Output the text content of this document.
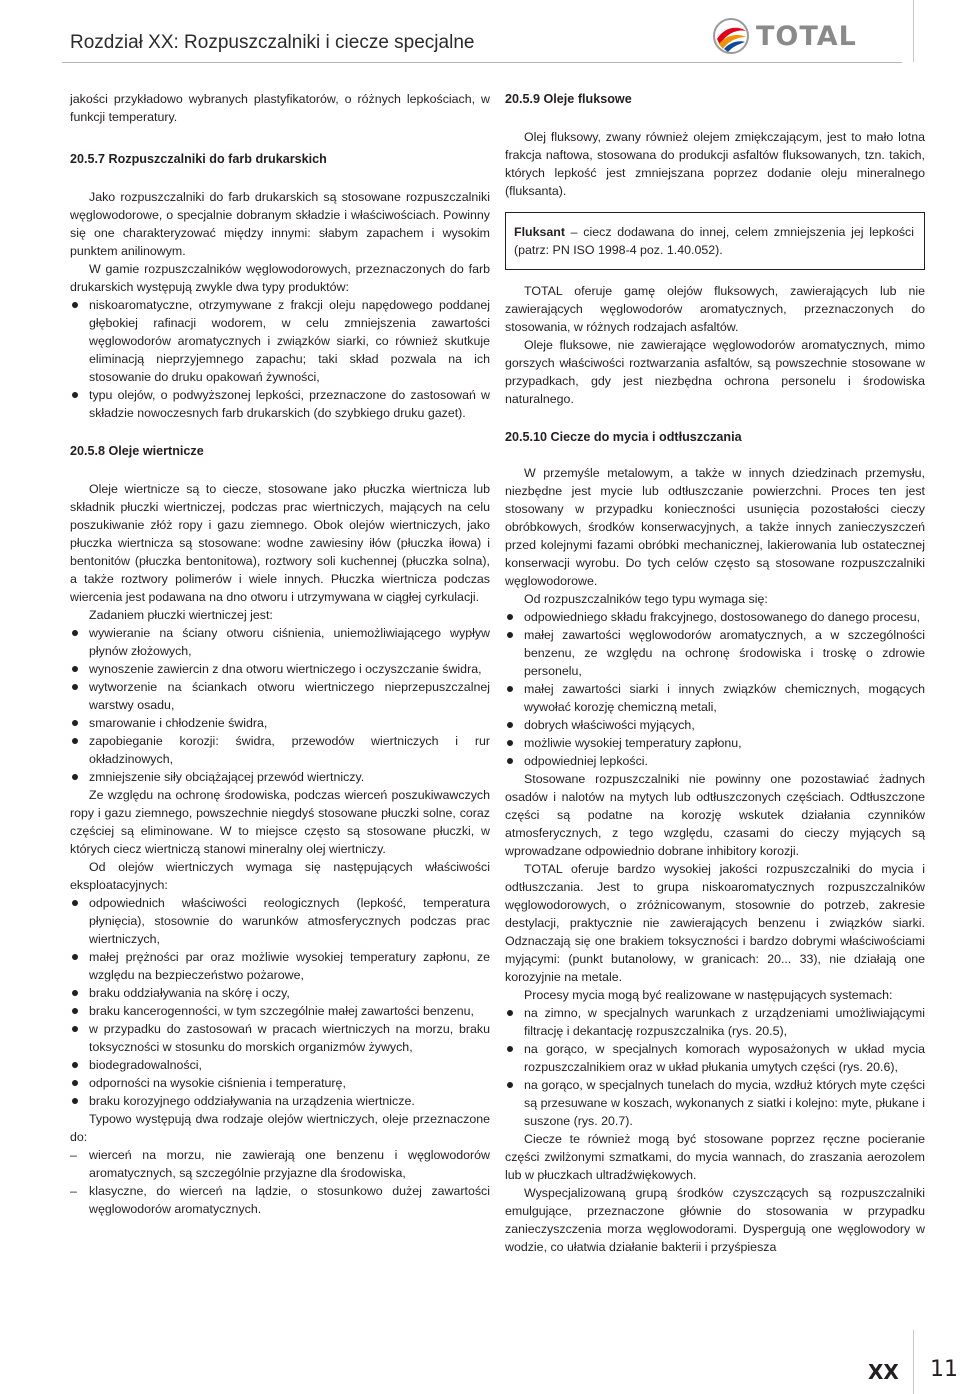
Rozdział XX: Rozpuszczalniki i ciecze specjalne	TOTAL

jakości przykładowo wybranych plastyfikatorów, o różnych lepkościach, w funkcji temperatury.

20.5.7 Rozpuszczalniki do farb drukarskich

Jako rozpuszczalniki do farb drukarskich są stosowane rozpuszczalniki węglowodorowe, o specjalnie dobranym składzie i właściwościach. Powinny się one charakteryzować między innymi: słabym zapachem i wysokim punktem anilinowym.

W gamie rozpuszczalników węglowodorowych, przeznaczonych do farb drukarskich występują zwykle dwa typy produktów:

niskoaromatyczne, otrzymywane z frakcji oleju napędowego poddanej głębokiej rafinacji wodorem, w celu zmniejszenia zawartości węglowodorów aromatycznych i związków siarki, co również skutkuje eliminacją nieprzyjemnego zapachu; taki skład pozwala na ich stosowanie do druku opakowań żywności,
typu olejów, o podwyższonej lepkości, przeznaczone do zastosowań w składzie nowoczesnych farb drukarskich (do szybkiego druku gazet).
20.5.8 Oleje wiertnicze

Oleje wiertnicze są to ciecze, stosowane jako płuczka wiertnicza lub składnik płuczki wiertniczej, podczas prac wiertniczych, mających na celu poszukiwanie złóż ropy i gazu ziemnego. Obok olejów wiertniczych, jako płuczka wiertnicza są stosowane: wodne zawiesiny iłów (płuczka iłowa) i bentonitów (płuczka bentonitowa), roztwory soli kuchennej (płuczka solna), a także roztwory polimerów i wiele innych. Płuczka wiertnicza podczas wiercenia jest podawana na dno otworu i utrzymywana w ciągłej cyrkulacji.

Zadaniem płuczki wiertniczej jest:

wywieranie na ściany otworu ciśnienia, uniemożliwiającego wypływ płynów złożowych,
wynoszenie zawiercin z dna otworu wiertniczego i oczyszczanie świdra,
wytworzenie na ściankach otworu wiertniczego nieprzepuszczalnej warstwy osadu,
smarowanie i chłodzenie świdra,
zapobieganie korozji: świdra, przewodów wiertniczych i rur okładzinowych,
zmniejszenie siły obciążającej przewód wiertniczy.

Ze względu na ochronę środowiska, podczas wierceń poszukiwawczych ropy i gazu ziemnego, powszechnie niegdyś stosowane płuczki solne, coraz częściej są eliminowane. W to miejsce często są stosowane płuczki, w których ciecz wiertniczą stanowi mineralny olej wiertniczy.

Od olejów wiertniczych wymaga się następujących właściwości eksploatacyjnych:

odpowiednich właściwości reologicznych (lepkość, temperatura płynięcia), stosownie do warunków atmosferycznych podczas prac wiertniczych,
małej prężności par oraz możliwie wysokiej temperatury zapłonu, ze względu na bezpieczeństwo pożarowe,
braku oddziaływania na skórę i oczy,
braku kancerogenności, w tym szczególnie małej zawartości benzenu,
w przypadku do zastosowań w pracach wiertniczych na morzu, braku toksyczności w stosunku do morskich organizmów żywych,
biodegradowalności,
odporności na wysokie ciśnienia i temperaturę,
braku korozyjnego oddziaływania na urządzenia wiertnicze.

Typowo występują dwa rodzaje olejów wiertniczych, oleje przeznaczone do:

– wierceń na morzu, nie zawierają one benzenu i węglowodorów aromatycznych, są szczególnie przyjazne dla środowiska,
– klasyczne, do wierceń na lądzie, o stosunkowo dużej zawartości węglowodorów aromatycznych.
20.5.9 Oleje fluksowe

Olej fluksowy, zwany również olejem zmiękczającym, jest to mało lotna frakcja naftowa, stosowana do produkcji asfaltów fluksowanych, tzn. takich, których lepkość jest zmniejszana poprzez dodanie oleju mineralnego (fluksanta).

Fluksant – ciecz dodawana do innej, celem zmniejszenia jej lepkości (patrz: PN ISO 1998-4 poz. 1.40.052).

TOTAL oferuje gamę olejów fluksowych, zawierających lub nie zawierających węglowodorów aromatycznych, przeznaczonych do stosowania, w różnych rodzajach asfaltów.

Oleje fluksowe, nie zawierające węglowodorów aromatycznych, mimo gorszych właściwości roztwarzania asfaltów, są powszechnie stosowane w przypadkach, gdy jest niezbędna ochrona personelu i środowiska naturalnego.

20.5.10 Ciecze do mycia i odtłuszczania

W przemyśle metalowym, a także w innych dziedzinach przemysłu, niezbędne jest mycie lub odtłuszczanie powierzchni. Proces ten jest stosowany w przypadku konieczności usunięcia pozostałości cieczy obróbkowych, środków konserwacyjnych, a także innych zanieczyszczeń przed kolejnymi fazami obróbki mechanicznej, lakierowania lub ostatecznej konserwacji wyrobu. Do tych celów często są stosowane rozpuszczalniki węglowodorowe.

Od rozpuszczalników tego typu wymaga się:

odpowiedniego składu frakcyjnego, dostosowanego do danego procesu,
małej zawartości węglowodorów aromatycznych, a w szczególności benzenu, ze względu na ochronę środowiska i troskę o zdrowie personelu,
małej zawartości siarki i innych związków chemicznych, mogących wywołać korozję chemiczną metali,
dobrych właściwości myjących,
możliwie wysokiej temperatury zapłonu,
odpowiedniej lepkości.

Stosowane rozpuszczalniki nie powinny one pozostawiać żadnych osadów i nalotów na mytych lub odtłuszczonych częściach. Odtłuszczone części są podatne na korozję wskutek działania czynników atmosferycznych, z tego względu, czasami do cieczy myjących są wprowadzane odpowiednio dobrane inhibitory korozji.

TOTAL oferuje bardzo wysokiej jakości rozpuszczalniki do mycia i odtłuszczania. Jest to grupa niskoaromatycznych rozpuszczalników węglowodorowych, o zróżnicowanym, stosownie do potrzeb, zakresie destylacji, praktycznie nie zawierających benzenu i związków siarki. Odznaczają się one brakiem toksyczności i bardzo dobrymi właściwościami myjącymi: (punkt butanolowy, w granicach: 20... 33), nie działają one korozyjnie na metale.

Procesy mycia mogą być realizowane w następujących systemach:

na zimno, w specjalnych warunkach z urządzeniami umożliwiającymi filtrację i dekantację rozpuszczalnika (rys. 20.5),
na gorąco, w specjalnych komorach wyposażonych w układ mycia rozpuszczalnikiem oraz w układ płukania umytych części (rys. 20.6),
na gorąco, w specjalnych tunelach do mycia, wzdłuż których myte części są przesuwane w koszach, wykonanych z siatki i kolejno: myte, płukane i suszone (rys. 20.7).

Ciecze te również mogą być stosowane poprzez ręczne pocieranie części zwilżonymi szmatkami, do mycia wannach, do zraszania aerozolem lub w płuczkach ultradźwiękowych.

Wyspecjalizowaną grupą środków czyszczących są rozpuszczalniki emulgujące, przeznaczone głównie do stosowania w przypadku zanieczyszczenia morza węglowodorami. Dyspergują one węglowodory w wodzie, co ułatwia działanie bakterii i przyśpiesza

XX 11
